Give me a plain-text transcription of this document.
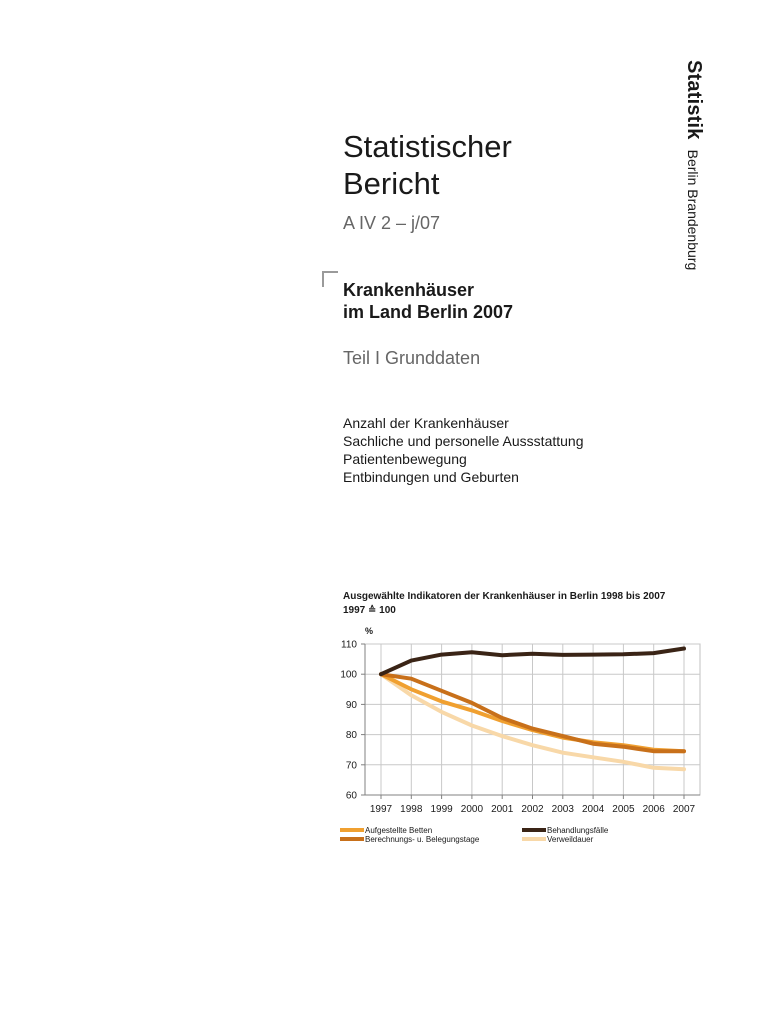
StatistikBerlin Brandenburg
Statistischer
Bericht
A IV 2 – j/07
Krankenhäuser
im Land Berlin 2007
Teil I Grunddaten
Anzahl der Krankenhäuser
Sachliche und personelle Aussstattung
Patientenbewegung
Entbindungen und Geburten
Ausgewählte Indikatoren der Krankenhäuser in Berlin 1998 bis 2007
1997 ≙ 100
%
60
70
80
90
100
110
1997 1998 1999 2000 2001 2002 2003 2004 2005 2006 2007
Aufgestellte Betten
Berechnungs- u. Belegungstage
Behandlungsfälle
Verweildauer
